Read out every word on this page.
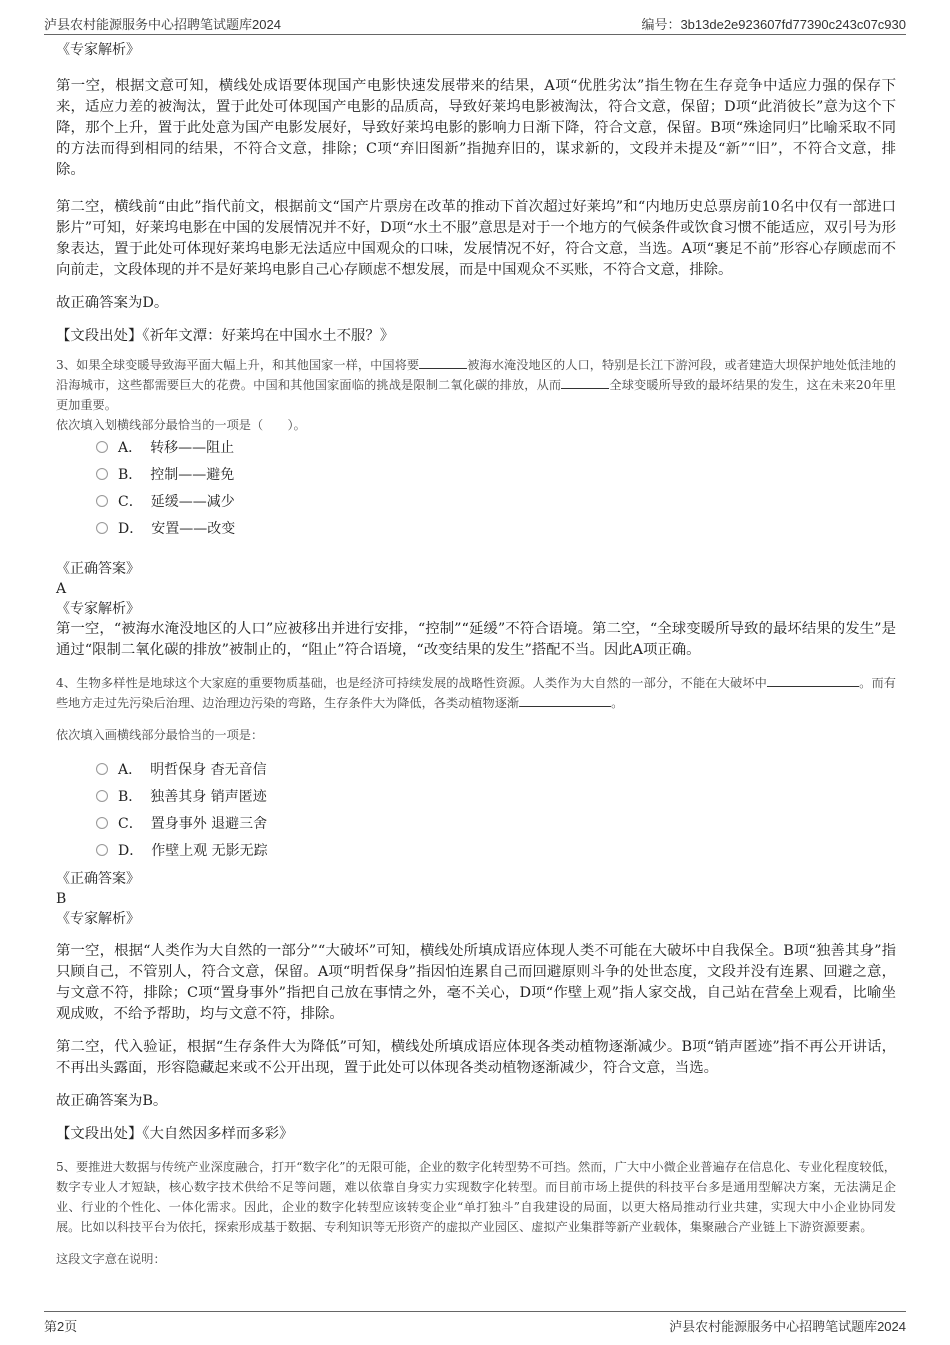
泸县农村能源服务中心招聘笔试题库2024	编号：3b13de2e923607fd77390c243c07c930
《专家解析》
第一空，根据文意可知，横线处成语要体现国产电影快速发展带来的结果，A项“优胜劣汰”指生物在生存竞争中适应力强的保存下来，适应力差的被淘汰，置于此处可体现国产电影的品质高，导致好莱坞电影被淘汰，符合文意，保留；D项“此消彼长”意为这个下降，那个上升，置于此处意为国产电影发展好，导致好莱坞电影的影响力日渐下降，符合文意，保留。B项“殊途同归”比喻采取不同的方法而得到相同的结果，不符合文意，排除；C项“弃旧图新”指抛弃旧的，谋求新的，文段并未提及“新”“旧”，不符合文意，排除。
第二空，横线前“由此”指代前文，根据前文“国产片票房在改革的推动下首次超过好莱坞”和“内地历史总票房前10名中仅有一部进口影片”可知，好莱坞电影在中国的发展情况并不好，D项“水土不服”意思是对于一个地方的气候条件或饮食习惯不能适应，双引号为形象表达，置于此处可体现好莱坞电影无法适应中国观众的口味，发展情况不好，符合文意，当选。A项“裹足不前”形容心存顾虑而不向前走，文段体现的并不是好莱坞电影自己心存顾虑不想发展，而是中国观众不买账，不符合文意，排除。
故正确答案为D。
【文段出处】《祈年文潭：好莱坞在中国水土不服？》
3、如果全球变暖导致海平面大幅上升，和其他国家一样，中国将要	被海水淹没地区的人口，特别是长江下游河段，或者建造大坝保护地处低洼地的沿海城市，这些都需要巨大的花费。中国和其他国家面临的挑战是限制二氧化碳的排放，从而	全球变暖所导致的最坏结果的发生，这在未来20年里更加重要。
依次填入划横线部分最恰当的一项是（　　）。
A． 转移——阻止
B． 控制——避免
C． 延缓——减少
D． 安置——改变
《正确答案》
A
《专家解析》
第一空，“被海水淹没地区的人口”应被移出并进行安排，“控制”“延缓”不符合语境。第二空，“全球变暖所导致的最坏结果的发生”是通过“限制二氧化碳的排放”被制止的，“阻止”符合语境，“改变结果的发生”搭配不当。因此A项正确。
4、生物多样性是地球这个大家庭的重要物质基础，也是经济可持续发展的战略性资源。人类作为大自然的一部分，不能在大破坏中	。而有些地方走过先污染后治理、边治理边污染的弯路，生存条件大为降低，各类动植物逐渐	。
依次填入画横线部分最恰当的一项是：
A． 明哲保身 杳无音信
B． 独善其身 销声匿迹
C． 置身事外 退避三舍
D． 作壁上观 无影无踪
《正确答案》
B
《专家解析》
第一空，根据“人类作为大自然的一部分”“大破坏”可知，横线处所填成语应体现人类不可能在大破坏中自我保全。B项“独善其身”指只顾自己，不管别人，符合文意，保留。A项“明哲保身”指因怕连累自己而回避原则斗争的处世态度，文段并没有连累、回避之意，与文意不符，排除；C项“置身事外”指把自己放在事情之外，毫不关心，D项“作壁上观”指人家交战，自己站在营垒上观看，比喻坐观成败，不给予帮助，均与文意不符，排除。
第二空，代入验证，根据“生存条件大为降低”可知，横线处所填成语应体现各类动植物逐渐减少。B项“销声匿迹”指不再公开讲话，不再出头露面，形容隐藏起来或不公开出现，置于此处可以体现各类动植物逐渐减少，符合文意，当选。
故正确答案为B。
【文段出处】《大自然因多样而多彩》
5、要推进大数据与传统产业深度融合，打开“数字化”的无限可能，企业的数字化转型势不可挡。然而，广大中小微企业普遍存在信息化、专业化程度较低，数字专业人才短缺，核心数字技术供给不足等问题，难以依靠自身实力实现数字化转型。而目前市场上提供的科技平台多是通用型解决方案，无法满足企业、行业的个性化、一体化需求。因此，企业的数字化转型应该转变企业“单打独斗”自我建设的局面，以更大格局推动行业共建，实现大中小企业协同发展。比如以科技平台为依托，探索形成基于数据、专利知识等无形资产的虚拟产业园区、虚拟产业集群等新产业载体，集聚融合产业链上下游资源要素。
这段文字意在说明：
第2页	泸县农村能源服务中心招聘笔试题库2024
